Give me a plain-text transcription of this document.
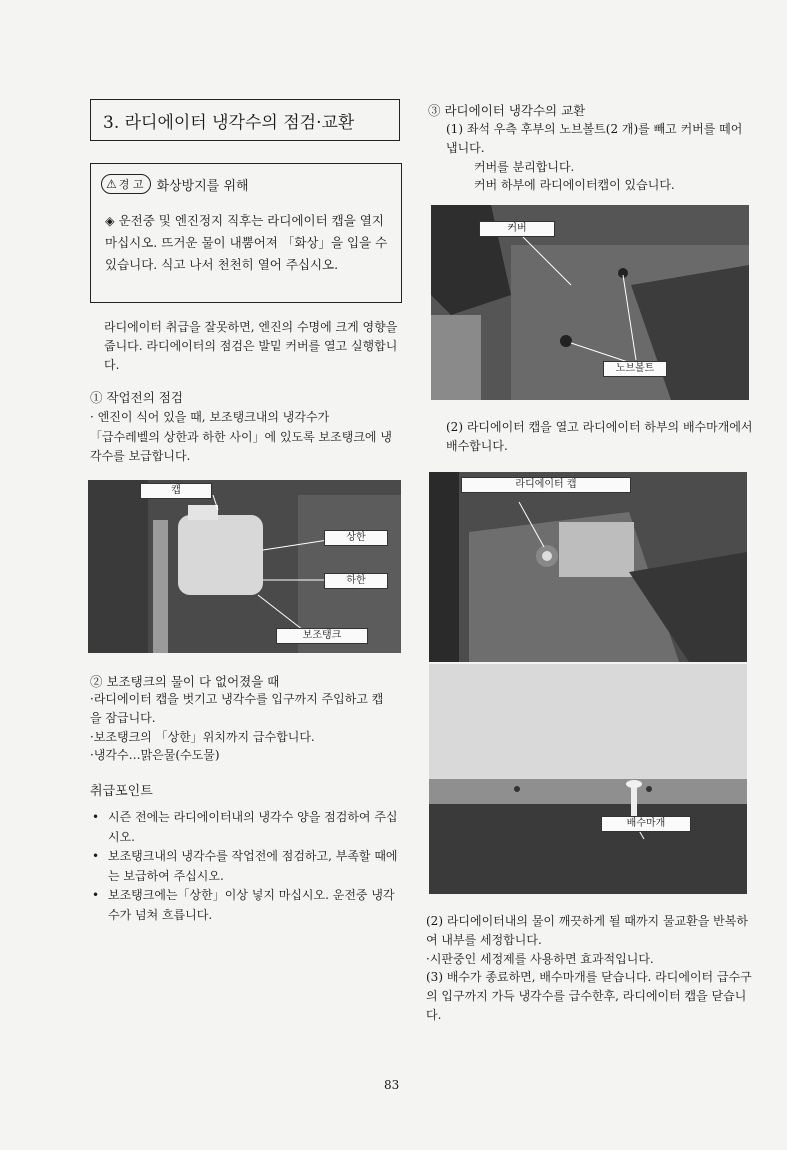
3. 라디에이터 냉각수의 점검·교환
⚠ 경 고 화상방지를 위해
◈ 운전중 및 엔진정지 직후는 라디에이터 캡을 열지 마십시오. 뜨거운 물이 내뿜어져 「화상」을 입을 수 있습니다. 식고 나서 천천히 열어 주십시오.
라디에이터 취급을 잘못하면, 엔진의 수명에 크게 영향을 줍니다. 라디에이터의 점검은 발밑 커버를 열고 실행합니다.
① 작업전의 점검
· 엔진이 식어 있을 때, 보조탱크내의 냉각수가
「급수레벨의 상한과 하한 사이」에 있도록 보조탱크에 냉각수를 보급합니다.
캡
상한
하한
보조탱크
② 보조탱크의 물이 다 없어졌을 때
·라디에이터 캡을 벗기고 냉각수를 입구까지 주입하고 캡을 잠급니다.
·보조탱크의 「상한」위치까지 급수합니다.
·냉각수…맑은물(수도물)
취급포인트
• 시즌 전에는 라디에이터내의 냉각수 양을 점검하여 주십시오.
• 보조탱크내의 냉각수를 작업전에 점검하고, 부족할 때에는 보급하여 주십시오.
• 보조탱크에는「상한」이상 넣지 마십시오. 운전중 냉각수가 넘쳐 흐릅니다.
③ 라디에이터 냉각수의 교환
(1) 좌석 우측 후부의 노브볼트(2 개)를 빼고 커버를 떼어 냅니다.
커버를 분리합니다.
커버 하부에 라디에이터캡이 있습니다.
커버
노브볼트
(2) 라디에이터 캡을 열고 라디에이터 하부의 배수마개에서 배수합니다.
라디에이터 캡
배수마개
(2) 라디에이터내의 물이 깨끗하게 될 때까지 물교환을 반복하여 내부를 세정합니다.
·시판중인 세정제를 사용하면 효과적입니다.
(3) 배수가 종료하면, 배수마개를 닫습니다. 라디에이터 급수구의 입구까지 가득 냉각수를 급수한후, 라디에이터 캡을 닫습니다.
83
